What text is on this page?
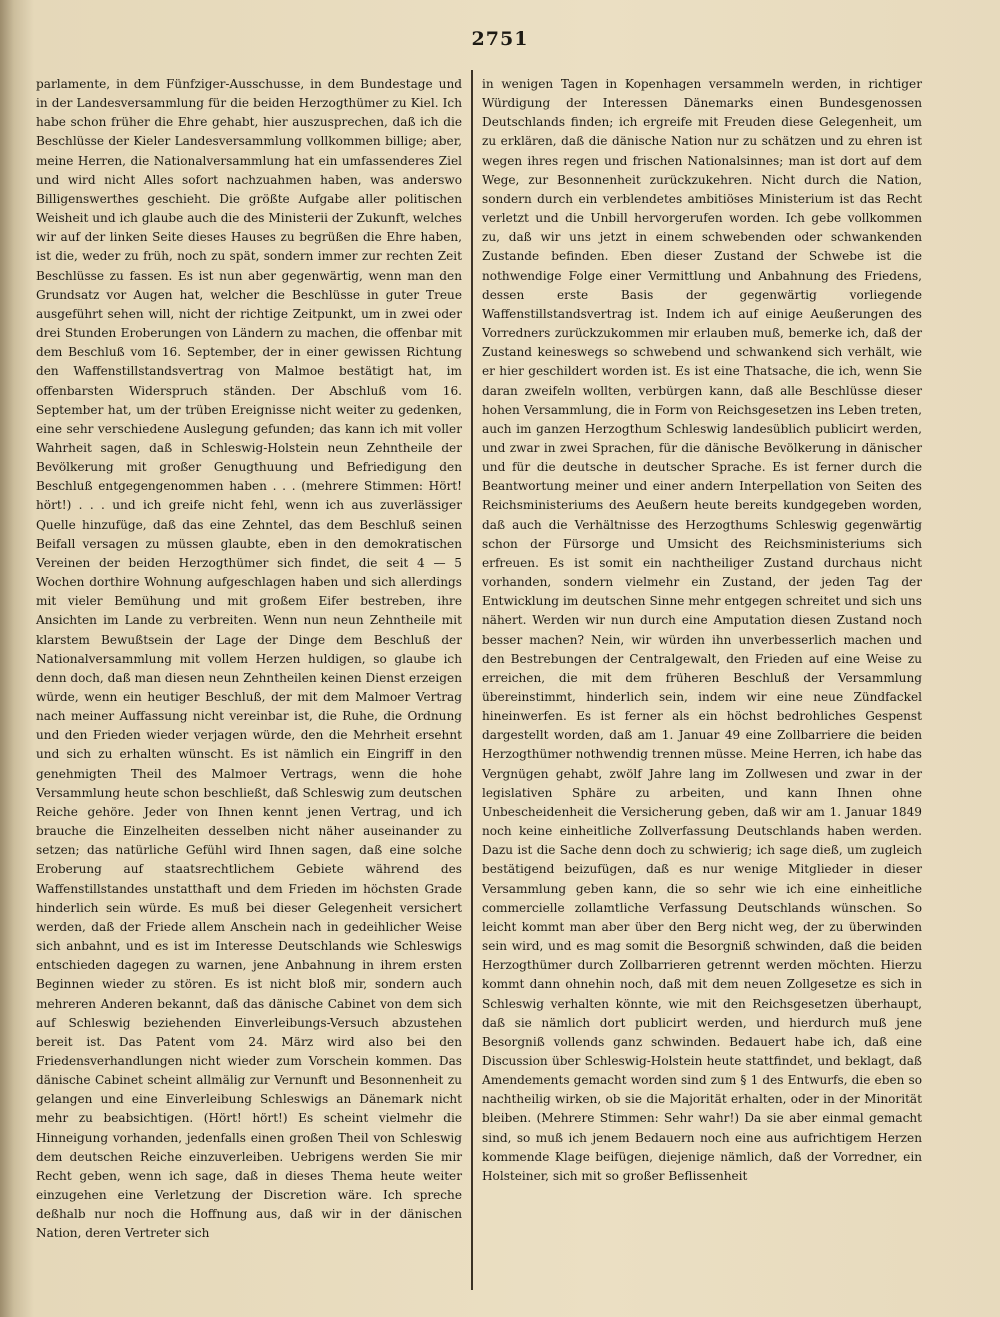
2751

parlamente, in dem Fünfziger-Ausschusse, in dem Bundestage und in der Landesversammlung für die beiden Herzogthümer zu Kiel. Ich habe schon früher die Ehre gehabt, hier auszusprechen, daß ich die Beschlüsse der Kieler Landesversammlung vollkommen billige; aber, meine Herren, die Nationalversammlung hat ein umfassenderes Ziel und wird nicht Alles sofort nachzuahmen haben, was anderswo Billigenswerthes geschieht. Die größte Aufgabe aller politischen Weisheit und ich glaube auch die des Ministerii der Zukunft, welches wir auf der linken Seite dieses Hauses zu begrüßen die Ehre haben, ist die, weder zu früh, noch zu spät, sondern immer zur rechten Zeit Beschlüsse zu fassen. Es ist nun aber gegenwärtig, wenn man den Grundsatz vor Augen hat, welcher die Beschlüsse in guter Treue ausgeführt sehen will, nicht der richtige Zeitpunkt, um in zwei oder drei Stunden Eroberungen von Ländern zu machen, die offenbar mit dem Beschluß vom 16. September, der in einer gewissen Richtung den Waffenstillstandsvertrag von Malmoe bestätigt hat, im offenbarsten Widerspruch ständen. Der Abschluß vom 16. September hat, um der trüben Ereignisse nicht weiter zu gedenken, eine sehr verschiedene Auslegung gefunden; das kann ich mit voller Wahrheit sagen, daß in Schleswig-Holstein neun Zehntheile der Bevölkerung mit großer Genugthuung und Befriedigung den Beschluß entgegengenommen haben . . . (mehrere Stimmen: Hört! hört!) . . . und ich greife nicht fehl, wenn ich aus zuverlässiger Quelle hinzufüge, daß das eine Zehntel, das dem Beschluß seinen Beifall versagen zu müssen glaubte, eben in den demokratischen Vereinen der beiden Herzogthümer sich findet, die seit 4 — 5 Wochen dorthire Wohnung aufgeschlagen haben und sich allerdings mit vieler Bemühung und mit großem Eifer bestreben, ihre Ansichten im Lande zu verbreiten. Wenn nun neun Zehntheile mit klarstem Bewußtsein der Lage der Dinge dem Beschluß der Nationalversammlung mit vollem Herzen huldigen, so glaube ich denn doch, daß man diesen neun Zehntheilen keinen Dienst erzeigen würde, wenn ein heutiger Beschluß, der mit dem Malmoer Vertrag nach meiner Auffassung nicht vereinbar ist, die Ruhe, die Ordnung und den Frieden wieder verjagen würde, den die Mehrheit ersehnt und sich zu erhalten wünscht. Es ist nämlich ein Eingriff in den genehmigten Theil des Malmoer Vertrags, wenn die hohe Versammlung heute schon beschließt, daß Schleswig zum deutschen Reiche gehöre. Jeder von Ihnen kennt jenen Vertrag, und ich brauche die Einzelheiten desselben nicht näher auseinander zu setzen; das natürliche Gefühl wird Ihnen sagen, daß eine solche Eroberung auf staatsrechtlichem Gebiete während des Waffenstillstandes unstatthaft und dem Frieden im höchsten Grade hinderlich sein würde. Es muß bei dieser Gelegenheit versichert werden, daß der Friede allem Anschein nach in gedeihlicher Weise sich anbahnt, und es ist im Interesse Deutschlands wie Schleswigs entschieden dagegen zu warnen, jene Anbahnung in ihrem ersten Beginnen wieder zu stören. Es ist nicht bloß mir, sondern auch mehreren Anderen bekannt, daß das dänische Cabinet von dem sich auf Schleswig beziehenden Einverleibungs-Versuch abzustehen bereit ist. Das Patent vom 24. März wird also bei den Friedensverhandlungen nicht wieder zum Vorschein kommen. Das dänische Cabinet scheint allmälig zur Vernunft und Besonnenheit zu gelangen und eine Einverleibung Schleswigs an Dänemark nicht mehr zu beabsichtigen. (Hört! hört!) Es scheint vielmehr die Hinneigung vorhanden, jedenfalls einen großen Theil von Schleswig dem deutschen Reiche einzuverleiben. Uebrigens werden Sie mir Recht geben, wenn ich sage, daß in dieses Thema heute weiter einzugehen eine Verletzung der Discretion wäre. Ich spreche deßhalb nur noch die Hoffnung aus, daß wir in der dänischen Nation, deren Vertreter sich

in wenigen Tagen in Kopenhagen versammeln werden, in richtiger Würdigung der Interessen Dänemarks einen Bundesgenossen Deutschlands finden; ich ergreife mit Freuden diese Gelegenheit, um zu erklären, daß die dänische Nation nur zu schätzen und zu ehren ist wegen ihres regen und frischen Nationalsinnes; man ist dort auf dem Wege, zur Besonnenheit zurückzukehren. Nicht durch die Nation, sondern durch ein verblendetes ambitiöses Ministerium ist das Recht verletzt und die Unbill hervorgerufen worden. Ich gebe vollkommen zu, daß wir uns jetzt in einem schwebenden oder schwankenden Zustande befinden. Eben dieser Zustand der Schwebe ist die nothwendige Folge einer Vermittlung und Anbahnung des Friedens, dessen erste Basis der gegenwärtig vorliegende Waffenstillstandsvertrag ist. Indem ich auf einige Aeußerungen des Vorredners zurückzukommen mir erlauben muß, bemerke ich, daß der Zustand keineswegs so schwebend und schwankend sich verhält, wie er hier geschildert worden ist. Es ist eine Thatsache, die ich, wenn Sie daran zweifeln wollten, verbürgen kann, daß alle Beschlüsse dieser hohen Versammlung, die in Form von Reichsgesetzen ins Leben treten, auch im ganzen Herzogthum Schleswig landesüblich publicirt werden, und zwar in zwei Sprachen, für die dänische Bevölkerung in dänischer und für die deutsche in deutscher Sprache. Es ist ferner durch die Beantwortung meiner und einer andern Interpellation von Seiten des Reichsministeriums des Aeußern heute bereits kundgegeben worden, daß auch die Verhältnisse des Herzogthums Schleswig gegenwärtig schon der Fürsorge und Umsicht des Reichsministeriums sich erfreuen. Es ist somit ein nachtheiliger Zustand durchaus nicht vorhanden, sondern vielmehr ein Zustand, der jeden Tag der Entwicklung im deutschen Sinne mehr entgegen schreitet und sich uns nähert. Werden wir nun durch eine Amputation diesen Zustand noch besser machen? Nein, wir würden ihn unverbesserlich machen und den Bestrebungen der Centralgewalt, den Frieden auf eine Weise zu erreichen, die mit dem früheren Beschluß der Versammlung übereinstimmt, hinderlich sein, indem wir eine neue Zündfackel hineinwerfen. Es ist ferner als ein höchst bedrohliches Gespenst dargestellt worden, daß am 1. Januar 49 eine Zollbarriere die beiden Herzogthümer nothwendig trennen müsse. Meine Herren, ich habe das Vergnügen gehabt, zwölf Jahre lang im Zollwesen und zwar in der legislativen Sphäre zu arbeiten, und kann Ihnen ohne Unbescheidenheit die Versicherung geben, daß wir am 1. Januar 1849 noch keine einheitliche Zollverfassung Deutschlands haben werden. Dazu ist die Sache denn doch zu schwierig; ich sage dieß, um zugleich bestätigend beizufügen, daß es nur wenige Mitglieder in dieser Versammlung geben kann, die so sehr wie ich eine einheitliche commercielle zollamtliche Verfassung Deutschlands wünschen. So leicht kommt man aber über den Berg nicht weg, der zu überwinden sein wird, und es mag somit die Besorgniß schwinden, daß die beiden Herzogthümer durch Zollbarrieren getrennt werden möchten. Hierzu kommt dann ohnehin noch, daß mit dem neuen Zollgesetze es sich in Schleswig verhalten könnte, wie mit den Reichsgesetzen überhaupt, daß sie nämlich dort publicirt werden, und hierdurch muß jene Besorgniß vollends ganz schwinden. Bedauert habe ich, daß eine Discussion über Schleswig-Holstein heute stattfindet, und beklagt, daß Amendements gemacht worden sind zum § 1 des Entwurfs, die eben so nachtheilig wirken, ob sie die Majorität erhalten, oder in der Minorität bleiben. (Mehrere Stimmen: Sehr wahr!) Da sie aber einmal gemacht sind, so muß ich jenem Bedauern noch eine aus aufrichtigem Herzen kommende Klage beifügen, diejenige nämlich, daß der Vorredner, ein Holsteiner, sich mit so großer Beflissenheit
